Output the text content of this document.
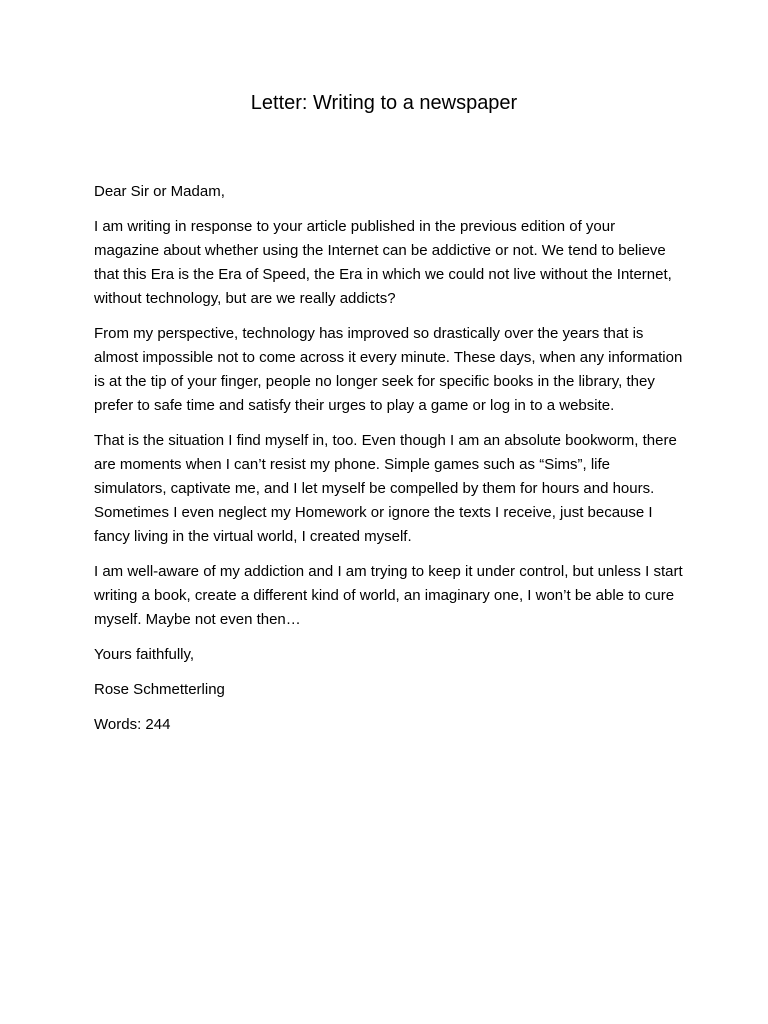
Letter: Writing to a newspaper

Dear Sir or Madam,

I am writing in response to your article published in the previous edition of your magazine about whether using the Internet can be addictive or not. We tend to believe that this Era is the Era of Speed, the Era in which we could not live without the Internet, without technology, but are we really addicts?

From my perspective, technology has improved so drastically over the years that is almost impossible not to come across it every minute. These days, when any information is at the tip of your finger, people no longer seek for specific books in the library, they prefer to safe time and satisfy their urges to play a game or log in to a website.

That is the situation I find myself in, too. Even though I am an absolute bookworm, there are moments when I can’t resist my phone. Simple games such as “Sims”, life simulators, captivate me, and I let myself be compelled by them for hours and hours. Sometimes I even neglect my Homework or ignore the texts I receive, just because I fancy living in the virtual world, I created myself.

I am well-aware of my addiction and I am trying to keep it under control, but unless I start writing a book, create a different kind of world, an imaginary one, I won’t be able to cure myself. Maybe not even then…

Yours faithfully,

Rose Schmetterling

Words: 244
